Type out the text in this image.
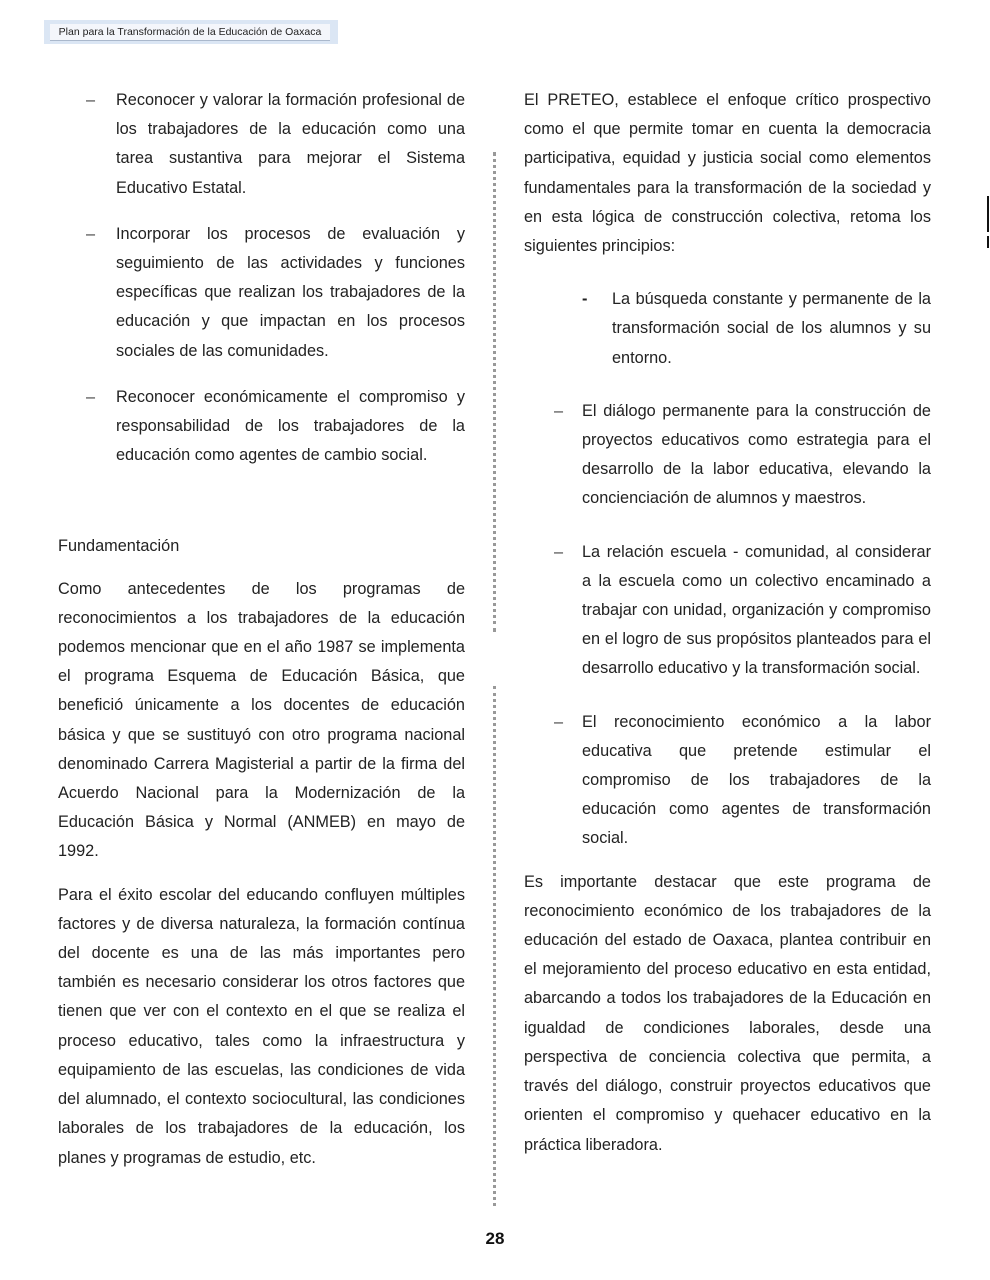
Plan para la Transformación de la Educación de Oaxaca
– Reconocer y valorar la formación profesional de los trabajadores de la educación como una tarea sustantiva para mejorar el Sistema Educativo Estatal.
– Incorporar los procesos de evaluación y seguimiento de las actividades y funciones específicas que realizan los trabajadores de la educación y que impactan en los procesos sociales de las comunidades.
– Reconocer económicamente el compromiso y responsabilidad de los trabajadores de la educación como agentes de cambio social.

Fundamentación

Como antecedentes de los programas de reconocimientos a los trabajadores de la educación podemos mencionar que en el año 1987 se implementa el programa Esquema de Educación Básica, que benefició únicamente a los docentes de educación básica y que se sustituyó con otro programa nacional denominado Carrera Magisterial a partir de la firma del Acuerdo Nacional para la Modernización de la Educación Básica y Normal (ANMEB) en mayo de 1992.

Para el éxito escolar del educando confluyen múltiples factores y de diversa naturaleza, la formación contínua del docente es una de las más importantes pero también es necesario considerar los otros factores que tienen que ver con el contexto en el que se realiza el proceso educativo, tales como la infraestructura y equipamiento de las escuelas, las condiciones de vida del alumnado, el contexto sociocultural, las condiciones laborales de los trabajadores de la educación, los planes y programas de estudio, etc.

El PRETEO, establece el enfoque crítico prospectivo como el que permite tomar en cuenta la democracia participativa, equidad y justicia social como elementos fundamentales para la transformación de la sociedad y en esta lógica de construcción colectiva, retoma los siguientes principios:

- La búsqueda constante y permanente de la transformación social de los alumnos y su entorno.
– El diálogo permanente para la construcción de proyectos educativos como estrategia para el desarrollo de la labor educativa, elevando la concienciación de alumnos y maestros.
– La relación escuela - comunidad, al considerar a la escuela como un colectivo encaminado a trabajar con unidad, organización y compromiso en el logro de sus propósitos planteados para el desarrollo educativo y la transformación social.
– El reconocimiento económico a la labor educativa que pretende estimular el compromiso de los trabajadores de la educación como agentes de transformación social.

Es importante destacar que este programa de reconocimiento económico de los trabajadores de la educación del estado de Oaxaca, plantea contribuir en el mejoramiento del proceso educativo en esta entidad, abarcando a todos los trabajadores de la Educación en igualdad de condiciones laborales, desde una perspectiva de conciencia colectiva que permita, a través del diálogo, construir proyectos educativos que orienten el compromiso y quehacer educativo en la práctica liberadora.

28
